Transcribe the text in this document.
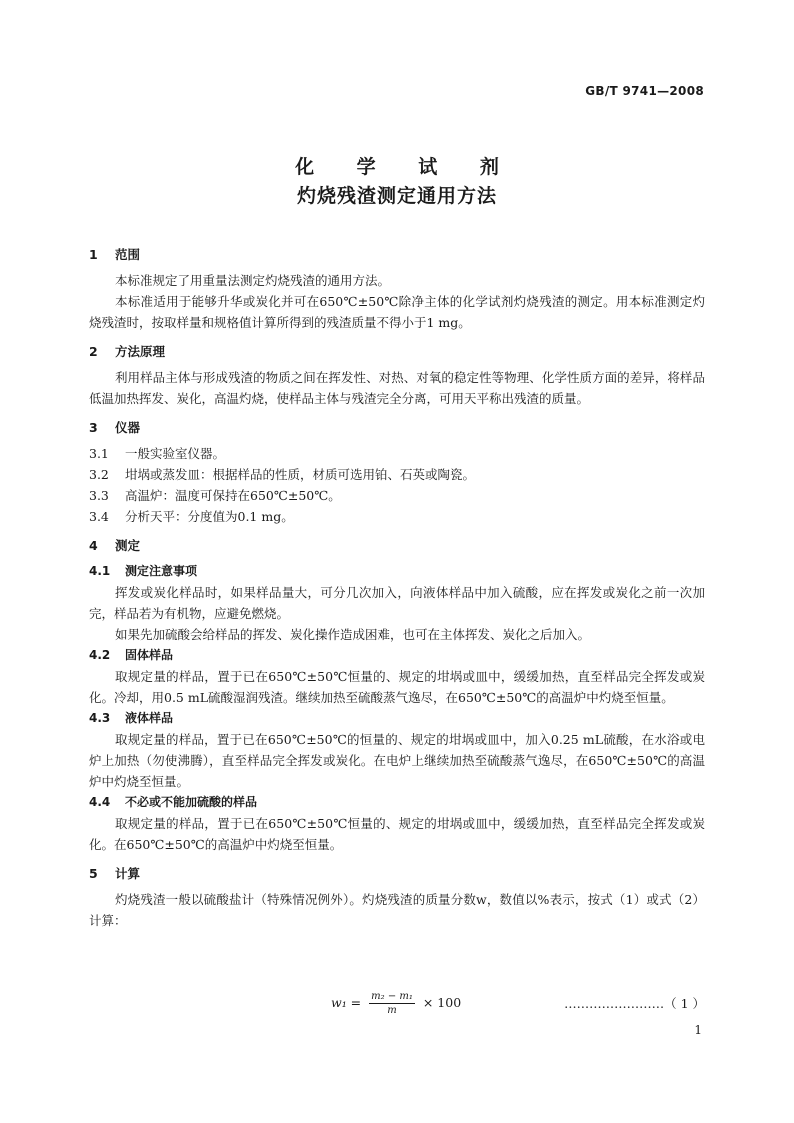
GB/T 9741—2008
化 学 试 剂
灼烧残渣测定通用方法
1 范围

本标准规定了用重量法测定灼烧残渣的通用方法。

本标准适用于能够升华或炭化并可在650℃±50℃除净主体的化学试剂灼烧残渣的测定。用本标准测定灼烧残渣时，按取样量和规格值计算所得到的残渣质量不得小于1 mg。

2 方法原理

利用样品主体与形成残渣的物质之间在挥发性、对热、对氧的稳定性等物理、化学性质方面的差异，将样品低温加热挥发、炭化，高温灼烧，使样品主体与残渣完全分离，可用天平称出残渣的质量。

3 仪器

3.1 一般实验室仪器。

3.2 坩埚或蒸发皿：根据样品的性质，材质可选用铂、石英或陶瓷。

3.3 高温炉：温度可保持在650℃±50℃。

3.4 分析天平：分度值为0.1 mg。

4 测定
4.1 测定注意事项

挥发或炭化样品时，如果样品量大，可分几次加入，向液体样品中加入硫酸，应在挥发或炭化之前一次加完，样品若为有机物，应避免燃烧。

如果先加硫酸会给样品的挥发、炭化操作造成困难，也可在主体挥发、炭化之后加入。

4.2 固体样品

取规定量的样品，置于已在650℃±50℃恒量的、规定的坩埚或皿中，缓缓加热，直至样品完全挥发或炭化。冷却，用0.5 mL硫酸湿润残渣。继续加热至硫酸蒸气逸尽，在650℃±50℃的高温炉中灼烧至恒量。

4.3 液体样品

取规定量的样品，置于已在650℃±50℃的恒量的、规定的坩埚或皿中，加入0.25 mL硫酸，在水浴或电炉上加热（勿使沸腾），直至样品完全挥发或炭化。在电炉上继续加热至硫酸蒸气逸尽，在650℃±50℃的高温炉中灼烧至恒量。

4.4 不必或不能加硫酸的样品

取规定量的样品，置于已在650℃±50℃恒量的、规定的坩埚或皿中，缓缓加热，直至样品完全挥发或炭化。在650℃±50℃的高温炉中灼烧至恒量。

5 计算

灼烧残渣一般以硫酸盐计（特殊情况例外）。灼烧残渣的质量分数w，数值以%表示，按式（1）或式（2）计算：

$w_1 = \frac{\text{m₂ − m₁}}{m} \times 100$	……………………（ 1 ）
1
